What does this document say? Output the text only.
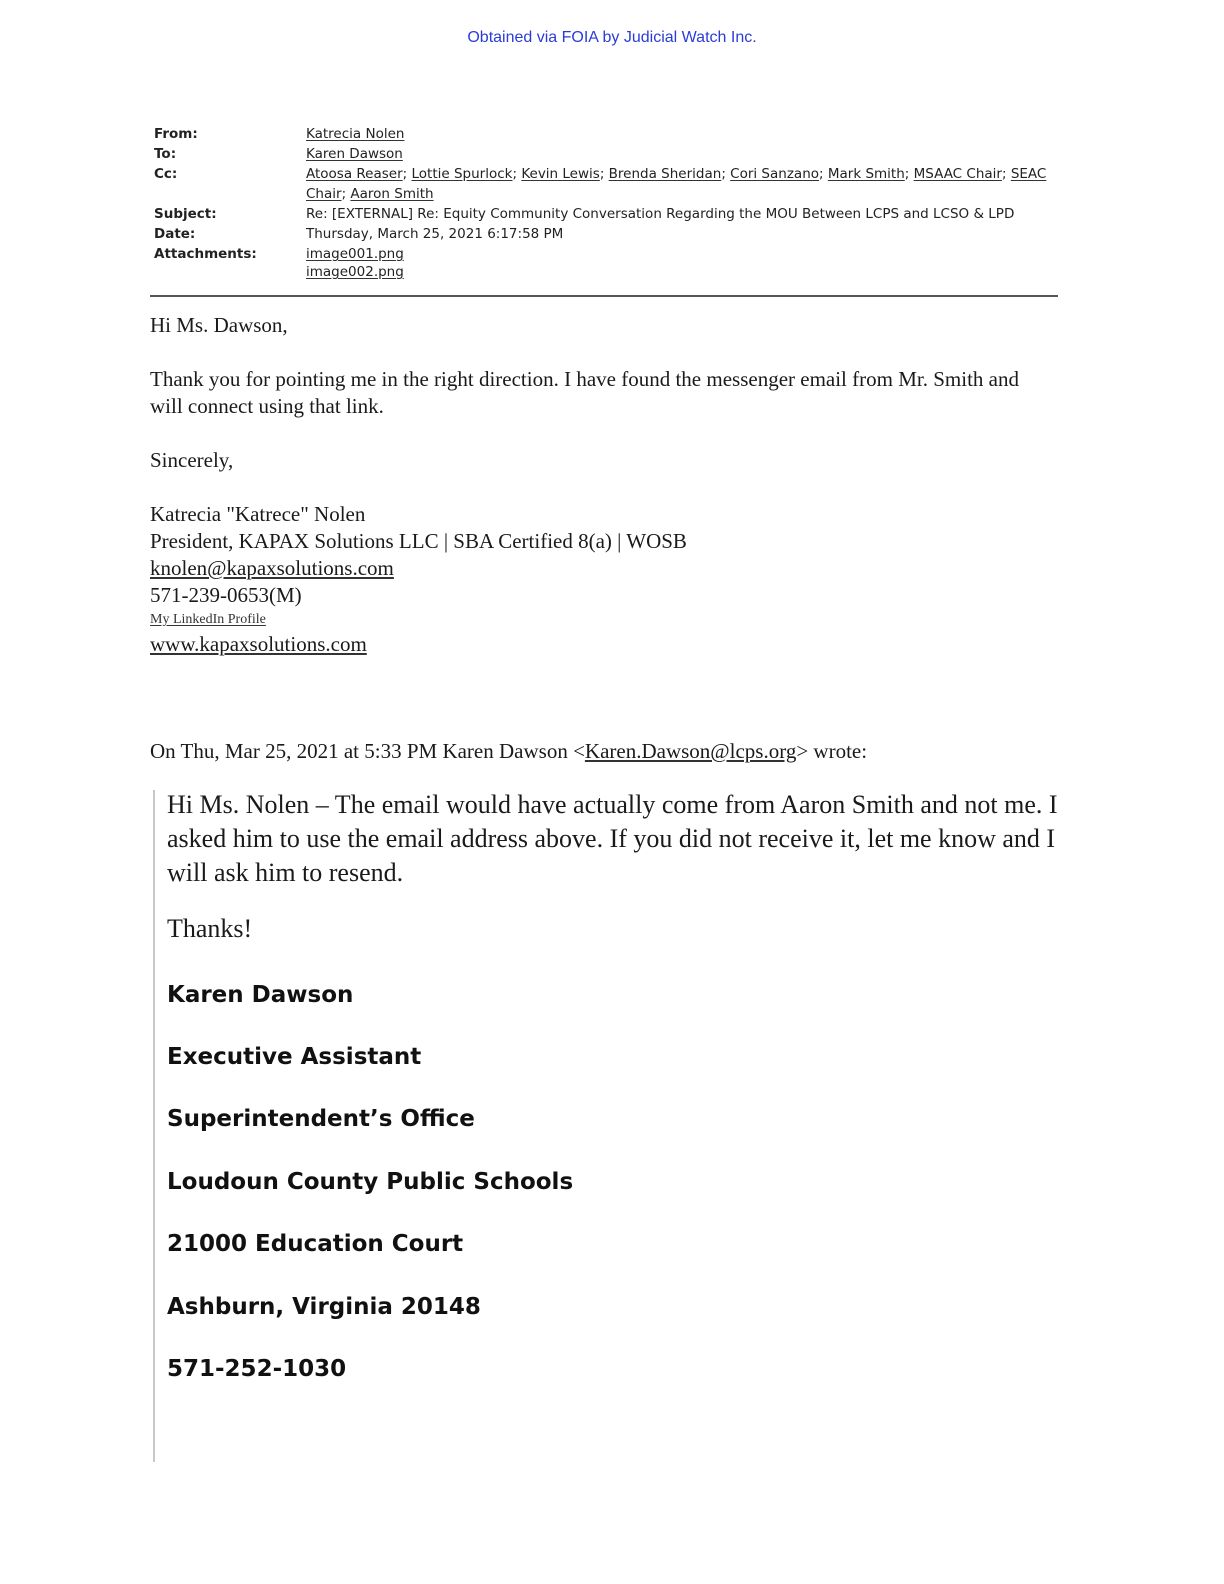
Obtained via FOIA by Judicial Watch Inc.
From:	Katrecia Nolen
To:	Karen Dawson
Cc:	Atoosa Reaser; Lottie Spurlock; Kevin Lewis; Brenda Sheridan; Cori Sanzano; Mark Smith; MSAAC Chair; SEAC Chair; Aaron Smith
Subject:	Re: [EXTERNAL] Re: Equity Community Conversation Regarding the MOU Between LCPS and LCSO & LPD
Date:	Thursday, March 25, 2021 6:17:58 PM
Attachments:	image001.png
image002.png

Hi Ms. Dawson,

Thank you for pointing me in the right direction. I have found the messenger email from Mr. Smith and will connect using that link.

Sincerely,

Katrecia "Katrece" Nolen

President, KAPAX Solutions LLC | SBA Certified 8(a) | WOSB

knolen@kapaxsolutions.com

571-239-0653(M)

My LinkedIn Profile

www.kapaxsolutions.com

On Thu, Mar 25, 2021 at 5:33 PM Karen Dawson <Karen.Dawson@lcps.org> wrote:

Hi Ms. Nolen – The email would have actually come from Aaron Smith and not me. I asked him to use the email address above. If you did not receive it, let me know and I will ask him to resend.

Thanks!

Karen Dawson
Executive Assistant
Superintendent’s Office
Loudoun County Public Schools
21000 Education Court
Ashburn, Virginia 20148
571-252-1030
